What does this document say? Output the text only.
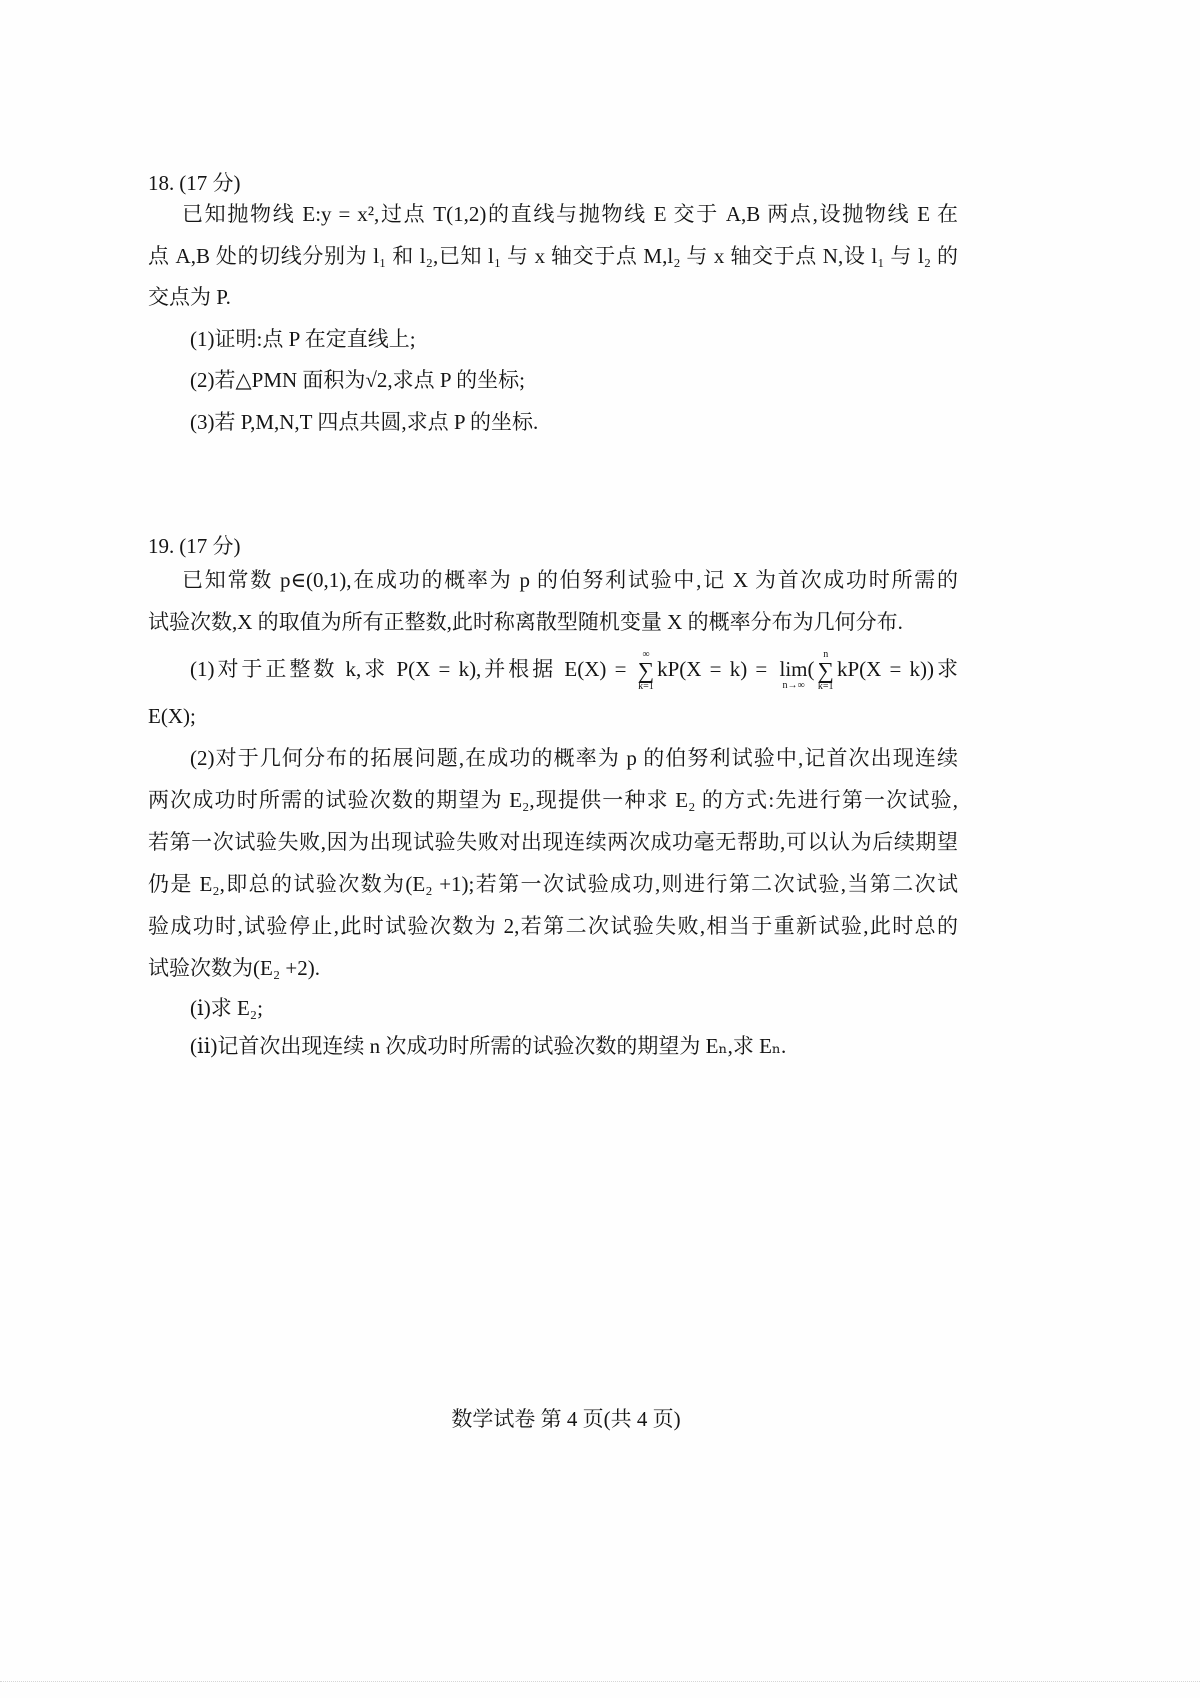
18. (17 分)
已知抛物线 E:y = x²,过点 T(1,2)的直线与抛物线 E 交于 A,B 两点,设抛物线 E 在
点 A,B 处的切线分别为 l₁ 和 l₂,已知 l₁ 与 x 轴交于点 M,l₂ 与 x 轴交于点 N,设 l₁ 与 l₂ 的
交点为 P.
(1)证明:点 P 在定直线上;
(2)若△PMN 面积为√2,求点 P 的坐标;
(3)若 P,M,N,T 四点共圆,求点 P 的坐标.
19. (17 分)
已知常数 p∈(0,1),在成功的概率为 p 的伯努利试验中,记 X 为首次成功时所需的
试验次数,X 的取值为所有正整数,此时称离散型随机变量 X 的概率分布为几何分布.
(1)对于正整数 k,求 P(X = k),并根据 E(X) =
∞
∑
k=1
kP(X = k) = lim
n→∞
(
n
∑
k=1
kP(X = k))求
E(X);
(2)对于几何分布的拓展问题,在成功的概率为 p 的伯努利试验中,记首次出现连续
两次成功时所需的试验次数的期望为 E₂,现提供一种求 E₂ 的方式:先进行第一次试验,
若第一次试验失败,因为出现试验失败对出现连续两次成功毫无帮助,可以认为后续期望
仍是 E₂,即总的试验次数为(E₂ +1);若第一次试验成功,则进行第二次试验,当第二次试
验成功时,试验停止,此时试验次数为 2,若第二次试验失败,相当于重新试验,此时总的
试验次数为(E₂ +2).
(ⅰ)求 E₂;
(ⅱ)记首次出现连续 n 次成功时所需的试验次数的期望为 Eₙ,求 Eₙ.
数学试卷 第 4 页(共 4 页)
